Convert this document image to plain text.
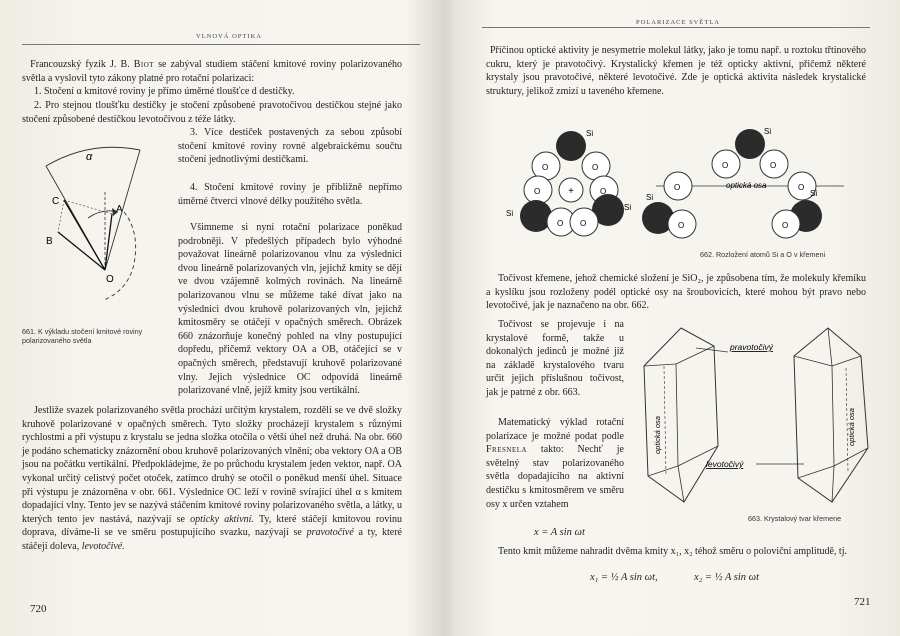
VLNOVÁ OPTIKA

Francouzský fyzik J. B. Biot se zabýval studiem stáčení kmitové roviny polarizovaného světla a vyslovil tyto zákony platné pro rotační polarizaci:

1. Stočení α kmitové roviny je přímo úměrné tloušťce d destičky.

2. Pro stejnou tloušťku destičky je stočení způsobené pravotočivou destičkou stejné jako stočení způsobené destičkou levotočivou z téže látky.

3. Více destiček postavených za sebou způsobí stočení kmitové roviny rovné algebraickému součtu stočení jednotlivými destičkami.

4. Stočení kmitové roviny je přibližně nepřímo úměrné čtverci vlnové délky použitého světla.

α
C
A
B
O

661. K výkladu stočení kmitové roviny polarizovaného světla

Všimneme si nyní rotační polarizace poněkud podrobněji. V předešlých případech bylo výhodné považovat lineárně polarizovanou vlnu za výslednici dvou lineárně polarizovaných vln, jejichž kmity se dějí ve dvou vzájemně kolmých rovinách. Na lineárně polarizovanou vlnu se můžeme také dívat jako na výslednici dvou kruhově polarizovaných vln, jejichž kmitosměry se otáčejí v opačných směrech. Obrázek 660 znázorňuje konečný pohled na vlny postupující dopředu, přičemž vektory OA a OB, otáčející se v opačných směrech, představují kruhově polarizované vlny. Jejich výslednice OC odpovídá lineárně polarizované vlně, jejíž kmity jsou vertikální.

Jestliže svazek polarizovaného světla prochází určitým krystalem, rozdělí se ve dvě složky kruhově polarizované v opačných směrech. Tyto složky procházejí krystalem s různými rychlostmi a při výstupu z krystalu se jedna složka otočila o větší úhel než druhá. Na obr. 660 je podáno schematicky znázornění obou kruhově polarizovaných vlnění; oba vektory OA a OB jsou na počátku vertikální. Předpokládejme, že po průchodu krystalem jeden vektor, např. OA vykonal určitý celistvý počet otoček, zatímco druhý se otočil o poněkud menší úhel. Situace při výstupu je znázorněna v obr. 661. Výslednice OC leží v rovině svírající úhel α s kmitem dopadající vlny. Tento jev se nazývá stáčením kmitové roviny polarizovaného světla, a látky, u kterých tento jev nastává, nazývají se opticky aktivní. Ty, které stáčejí kmitovou rovinu doprava, díváme-li se ve směru postupujícího svazku, nazývají se pravotočivé a ty, které stáčejí doleva, levotočivé.

720
POLARIZACE SVĚTLA

Příčinou optické aktivity je nesymetrie molekul látky, jako je tomu např. u roztoku třtinového cukru, který je pravotočivý. Krystalický křemen je též opticky aktivní, přičemž některé krystaly jsou pravotočivé, některé levotočivé. Zde je optická aktivita následek krystalické struktury, jelikož zmizí u taveného křemene.

+
Si
Si
Si
O	O
O	O
O O
optická osa
Si
Si	Si
O	O
O	O
O	O

662. Rozložení atomů Si a O v křemeni

Točivost křemene, jehož chemické složení je SiO₂, je způsobena tím, že molekuly křemíku a kyslíku jsou rozloženy podél optické osy na šroubovicích, které mohou být pravo nebo levotočivé, jak je naznačeno na obr. 662.

Točivost se projevuje i na krystalové formě, takže u dokonalých jedinců je možné již na základě krystalového tvaru určit jejich příslušnou točivost, jak je patrné z obr. 663.

Matematický výklad rotační polarizace je možné podat podle Fresnela takto: Nechť je světelný stav polarizovaného světla dopadajícího na aktivní destičku s kmitosměrem ve směru osy x určen vztahem

x = A sin ωt
pravotočivý
optická osa
levotočivý
optická osa

663. Krystalový tvar křemene

Tento kmit můžeme nahradit dvěma kmity x₁, x₂ téhož směru o poloviční amplitudě, tj.

x₁ = ½ A sin ωt,	x₂ = ½ A sin ωt
721
